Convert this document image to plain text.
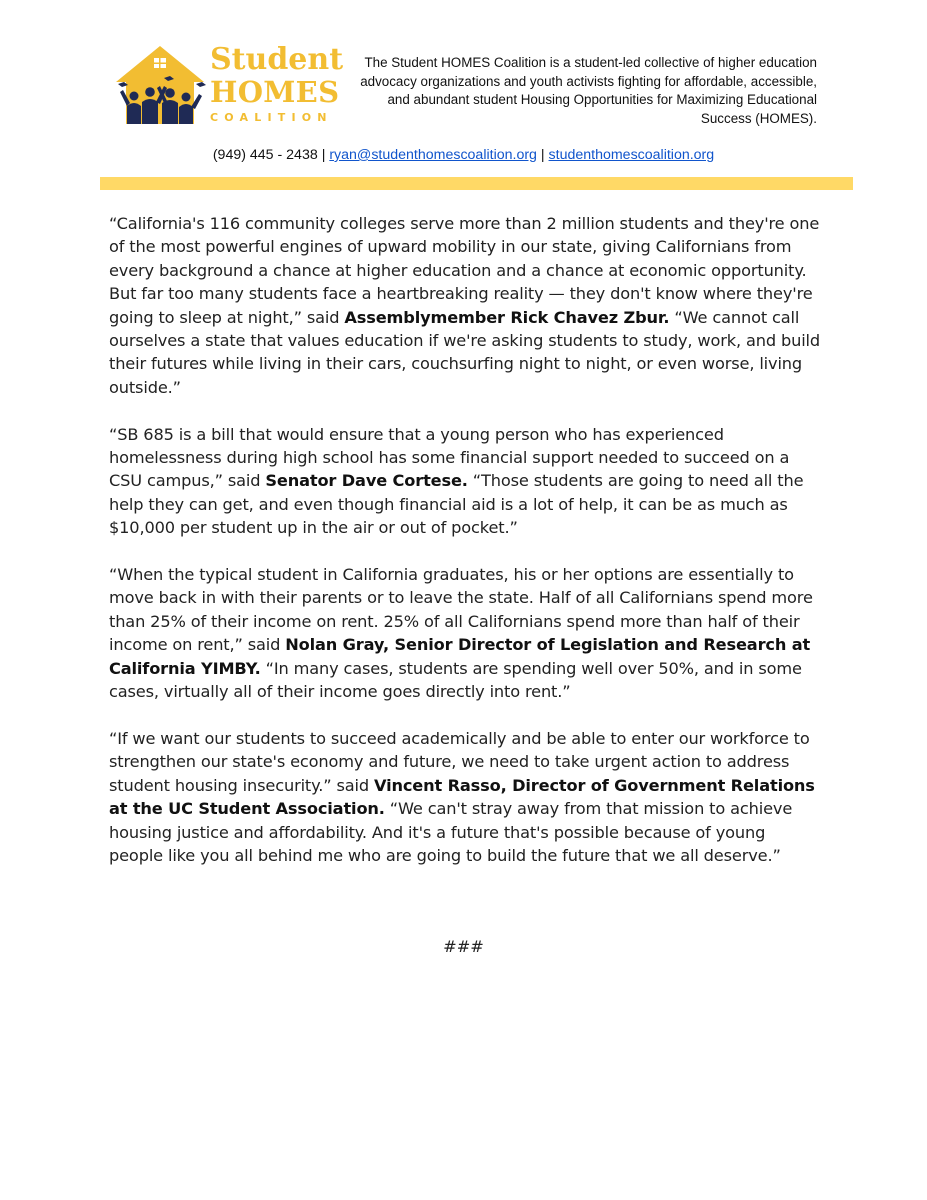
Student
HOMES
COALITION
The Student HOMES Coalition is a student-led collective of higher education advocacy organizations and youth activists fighting for affordable, accessible, and abundant student Housing Opportunities for Maximizing Educational Success (HOMES).
(949) 445 - 2438 | ryan@studenthomescoalition.org | studenthomescoalition.org

“California's 116 community colleges serve more than 2 million students and they're one of the most powerful engines of upward mobility in our state, giving Californians from every background a chance at higher education and a chance at economic opportunity. But far too many students face a heartbreaking reality — they don't know where they're going to sleep at night,” said Assemblymember Rick Chavez Zbur. “We cannot call ourselves a state that values education if we're asking students to study, work, and build their futures while living in their cars, couchsurfing night to night, or even worse, living outside.”

“SB 685 is a bill that would ensure that a young person who has experienced homelessness during high school has some financial support needed to succeed on a CSU campus,” said Senator Dave Cortese. “Those students are going to need all the help they can get, and even though financial aid is a lot of help, it can be as much as $10,000 per student up in the air or out of pocket.”

“When the typical student in California graduates, his or her options are essentially to move back in with their parents or to leave the state. Half of all Californians spend more than 25% of their income on rent. 25% of all Californians spend more than half of their income on rent,” said Nolan Gray, Senior Director of Legislation and Research at California YIMBY. “In many cases, students are spending well over 50%, and in some cases, virtually all of their income goes directly into rent.”

“If we want our students to succeed academically and be able to enter our workforce to strengthen our state's economy and future, we need to take urgent action to address student housing insecurity.” said Vincent Rasso, Director of Government Relations at the UC Student Association. “We can't stray away from that mission to achieve housing justice and affordability. And it's a future that's possible because of young people like you all behind me who are going to build the future that we all deserve.”

###
